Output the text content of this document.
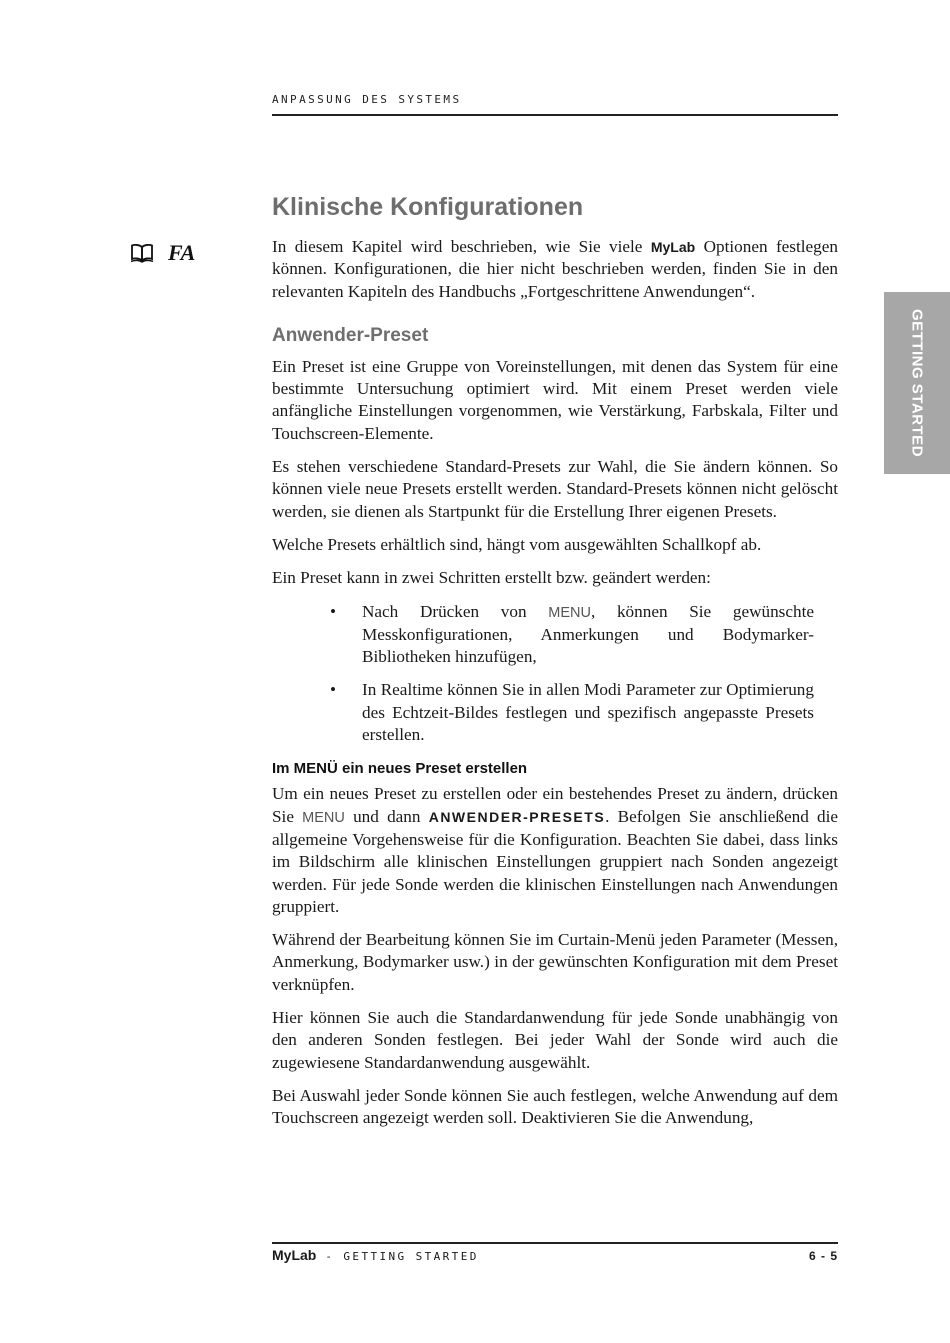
ANPASSUNG DES SYSTEMS
GETTING STARTED
FA
Klinische Konfigurationen

In diesem Kapitel wird beschrieben, wie Sie viele MyLab Optionen festlegen können. Konfigurationen, die hier nicht beschrieben werden, finden Sie in den relevanten Kapiteln des Handbuchs „Fortgeschrittene Anwendungen“.

Anwender-Preset

Ein Preset ist eine Gruppe von Voreinstellungen, mit denen das System für eine bestimmte Untersuchung optimiert wird. Mit einem Preset werden viele anfängliche Einstellungen vorgenommen, wie Verstärkung, Farbskala, Filter und Touchscreen-Elemente.

Es stehen verschiedene Standard-Presets zur Wahl, die Sie ändern können. So können viele neue Presets erstellt werden. Standard-Presets können nicht gelöscht werden, sie dienen als Startpunkt für die Erstellung Ihrer eigenen Presets.

Welche Presets erhältlich sind, hängt vom ausgewählten Schallkopf ab.

Ein Preset kann in zwei Schritten erstellt bzw. geändert werden:

• Nach Drücken von MENU, können Sie gewünschte Messkonfigurationen, Anmerkungen und Bodymarker-Bibliotheken hinzufügen,
• In Realtime können Sie in allen Modi Parameter zur Optimierung des Echtzeit-Bildes festlegen und spezifisch angepasste Presets erstellen.
Im MENÜ ein neues Preset erstellen

Um ein neues Preset zu erstellen oder ein bestehendes Preset zu ändern, drücken Sie MENU und dann ANWENDER-PRESETS. Befolgen Sie anschließend die allgemeine Vorgehensweise für die Konfiguration. Beachten Sie dabei, dass links im Bildschirm alle klinischen Einstellungen gruppiert nach Sonden angezeigt werden. Für jede Sonde werden die klinischen Einstellungen nach Anwendungen gruppiert.

Während der Bearbeitung können Sie im Curtain-Menü jeden Parameter (Messen, Anmerkung, Bodymarker usw.) in der gewünschten Konfiguration mit dem Preset verknüpfen.

Hier können Sie auch die Standardanwendung für jede Sonde unabhängig von den anderen Sonden festlegen. Bei jeder Wahl der Sonde wird auch die zugewiesene Standardanwendung ausgewählt.

Bei Auswahl jeder Sonde können Sie auch festlegen, welche Anwendung auf dem Touchscreen angezeigt werden soll. Deaktivieren Sie die Anwendung,

MyLab - GETTING STARTED	6 - 5
